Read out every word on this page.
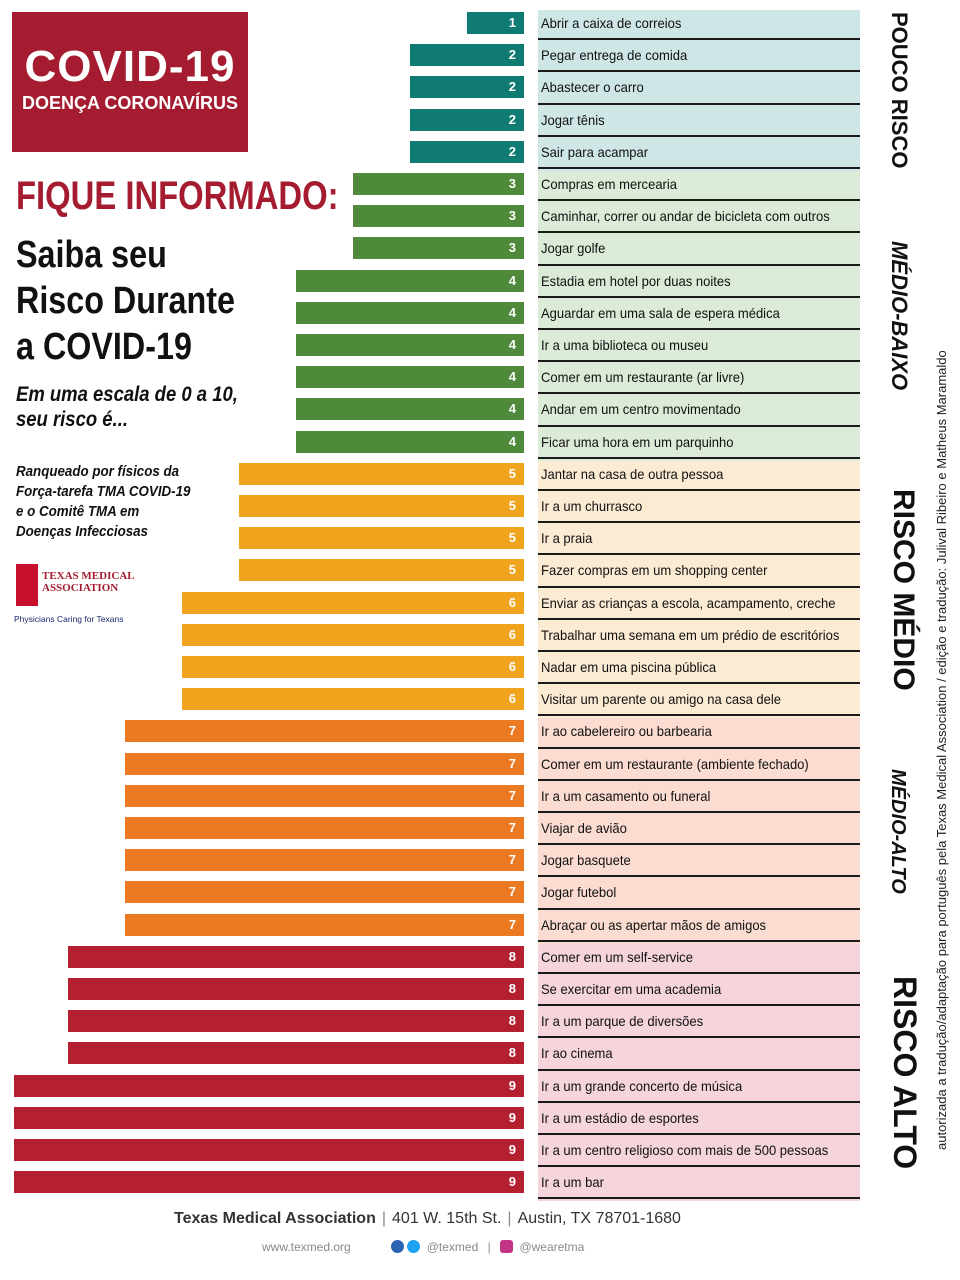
COVID-19
DOENÇA CORONAVÍRUS
FIQUE INFORMADO:
Saiba seu
Risco Durante
a COVID-19
Em uma escala de 0 a 10,
seu risco é...
Ranqueado por físicos da
Força-tarefa TMA COVID-19
e o Comitê TMA em
Doenças Infecciosas
TEXAS MEDICAL
ASSOCIATION
Physicians Caring for Texans
POUCO RISCO
MÉDIO-BAIXO
RISCO MÉDIO
MÉDIO-ALTO
RISCO ALTO
1 Abrir a caixa de correios
2 Pegar entrega de comida
2 Abastecer o carro
2 Jogar tênis
2 Sair para acampar
3 Compras em mercearia
3 Caminhar, correr ou andar de bicicleta com outros
3 Jogar golfe
4 Estadia em hotel por duas noites
4 Aguardar em uma sala de espera médica
4 Ir a uma biblioteca ou museu
4 Comer em um restaurante (ar livre)
4 Andar em um centro movimentado
4 Ficar uma hora em um parquinho
5 Jantar na casa de outra pessoa
5 Ir a um churrasco
5 Ir a praia
5 Fazer compras em um shopping center
6 Enviar as crianças a escola, acampamento, creche
6 Trabalhar uma semana em um prédio de escritórios
6 Nadar em uma piscina pública
6 Visitar um parente ou amigo na casa dele
7 Ir ao cabelereiro ou barbearia
7 Comer em um restaurante (ambiente fechado)
7 Ir a um casamento ou funeral
7 Viajar de avião
7 Jogar basquete
7 Jogar futebol
7 Abraçar ou as apertar mãos de amigos
8 Comer em um self-service
8 Se exercitar em uma academia
8 Ir a um parque de diversões
8 Ir ao cinema
9 Ir a um grande concerto de música
9 Ir a um estádio de esportes
9 Ir a um centro religioso com mais de 500 pessoas
9 Ir a um bar
autorizada a tradução/adaptação para português pela Texas Medical Association / edição e tradução: Julival Ribeiro e Matheus Maramaldo
Texas Medical Association | 401 W. 15th St. | Austin, TX 78701-1680
www.texmed.org	@texmed | @wearetma
